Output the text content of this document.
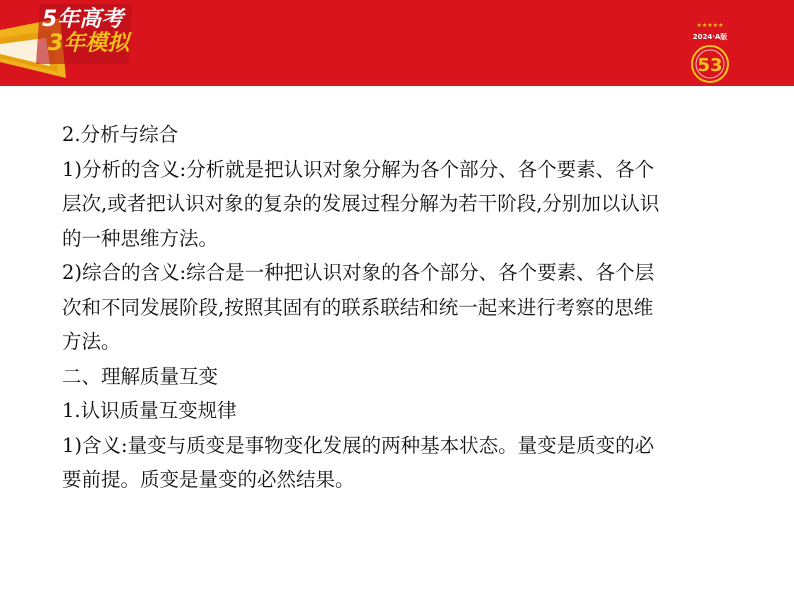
5年高考
3年模拟
★★★★★
2024·A版
53
2.分析与综合
1)分析的含义:分析就是把认识对象分解为各个部分、各个要素、各个
层次,或者把认识对象的复杂的发展过程分解为若干阶段,分别加以认识
的一种思维方法。
2)综合的含义:综合是一种把认识对象的各个部分、各个要素、各个层
次和不同发展阶段,按照其固有的联系联结和统一起来进行考察的思维
方法。
二、理解质量互变
1.认识质量互变规律
1)含义:量变与质变是事物变化发展的两种基本状态。量变是质变的必
要前提。质变是量变的必然结果。
